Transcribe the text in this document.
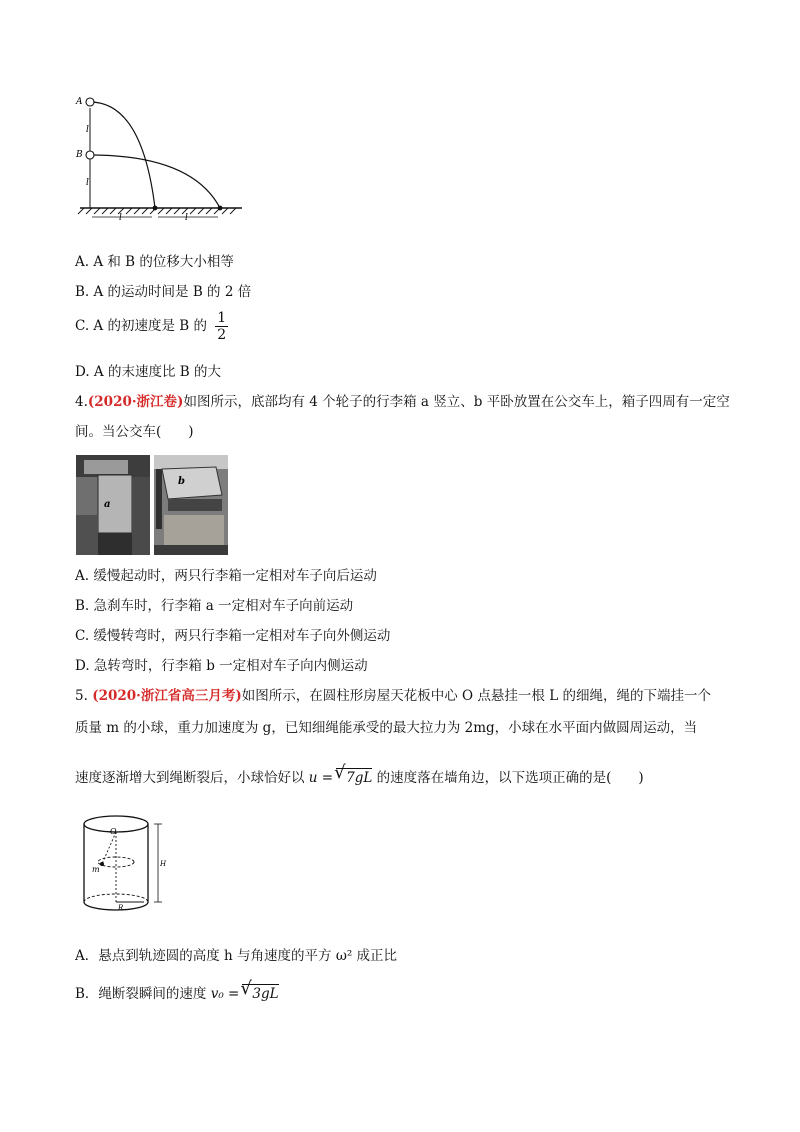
A
B
l
l
l	l
A. A 和 B 的位移大小相等
B. A 的运动时间是 B 的 2 倍
C. A 的初速度是 B 的 $\frac{1}{2}$
D. A 的末速度比 B 的大
4.(2020·浙江卷)如图所示，底部均有 4 个轮子的行李箱 a 竖立、b 平卧放置在公交车上，箱子四周有一定空
间。当公交车(　　)
a
b
A. 缓慢起动时，两只行李箱一定相对车子向后运动
B. 急刹车时，行李箱 a 一定相对车子向前运动
C. 缓慢转弯时，两只行李箱一定相对车子向外侧运动
D. 急转弯时，行李箱 b 一定相对车子向内侧运动
5. (2020·浙江省高三月考)如图所示，在圆柱形房屋天花板中心 O 点悬挂一根 L 的细绳，绳的下端挂一个
质量 m 的小球，重力加速度为 g，已知细绳能承受的最大拉力为 2mg，小球在水平面内做圆周运动，当
速度逐渐增大到绳断裂后，小球恰好以 u = √ 7gL 的速度落在墙角边，以下选项正确的是(　　)
O
H
m
R
A．悬点到轨迹圆的高度 h 与角速度的平方 ω² 成正比
B．绳断裂瞬间的速度 v₀ = √ 3gL
